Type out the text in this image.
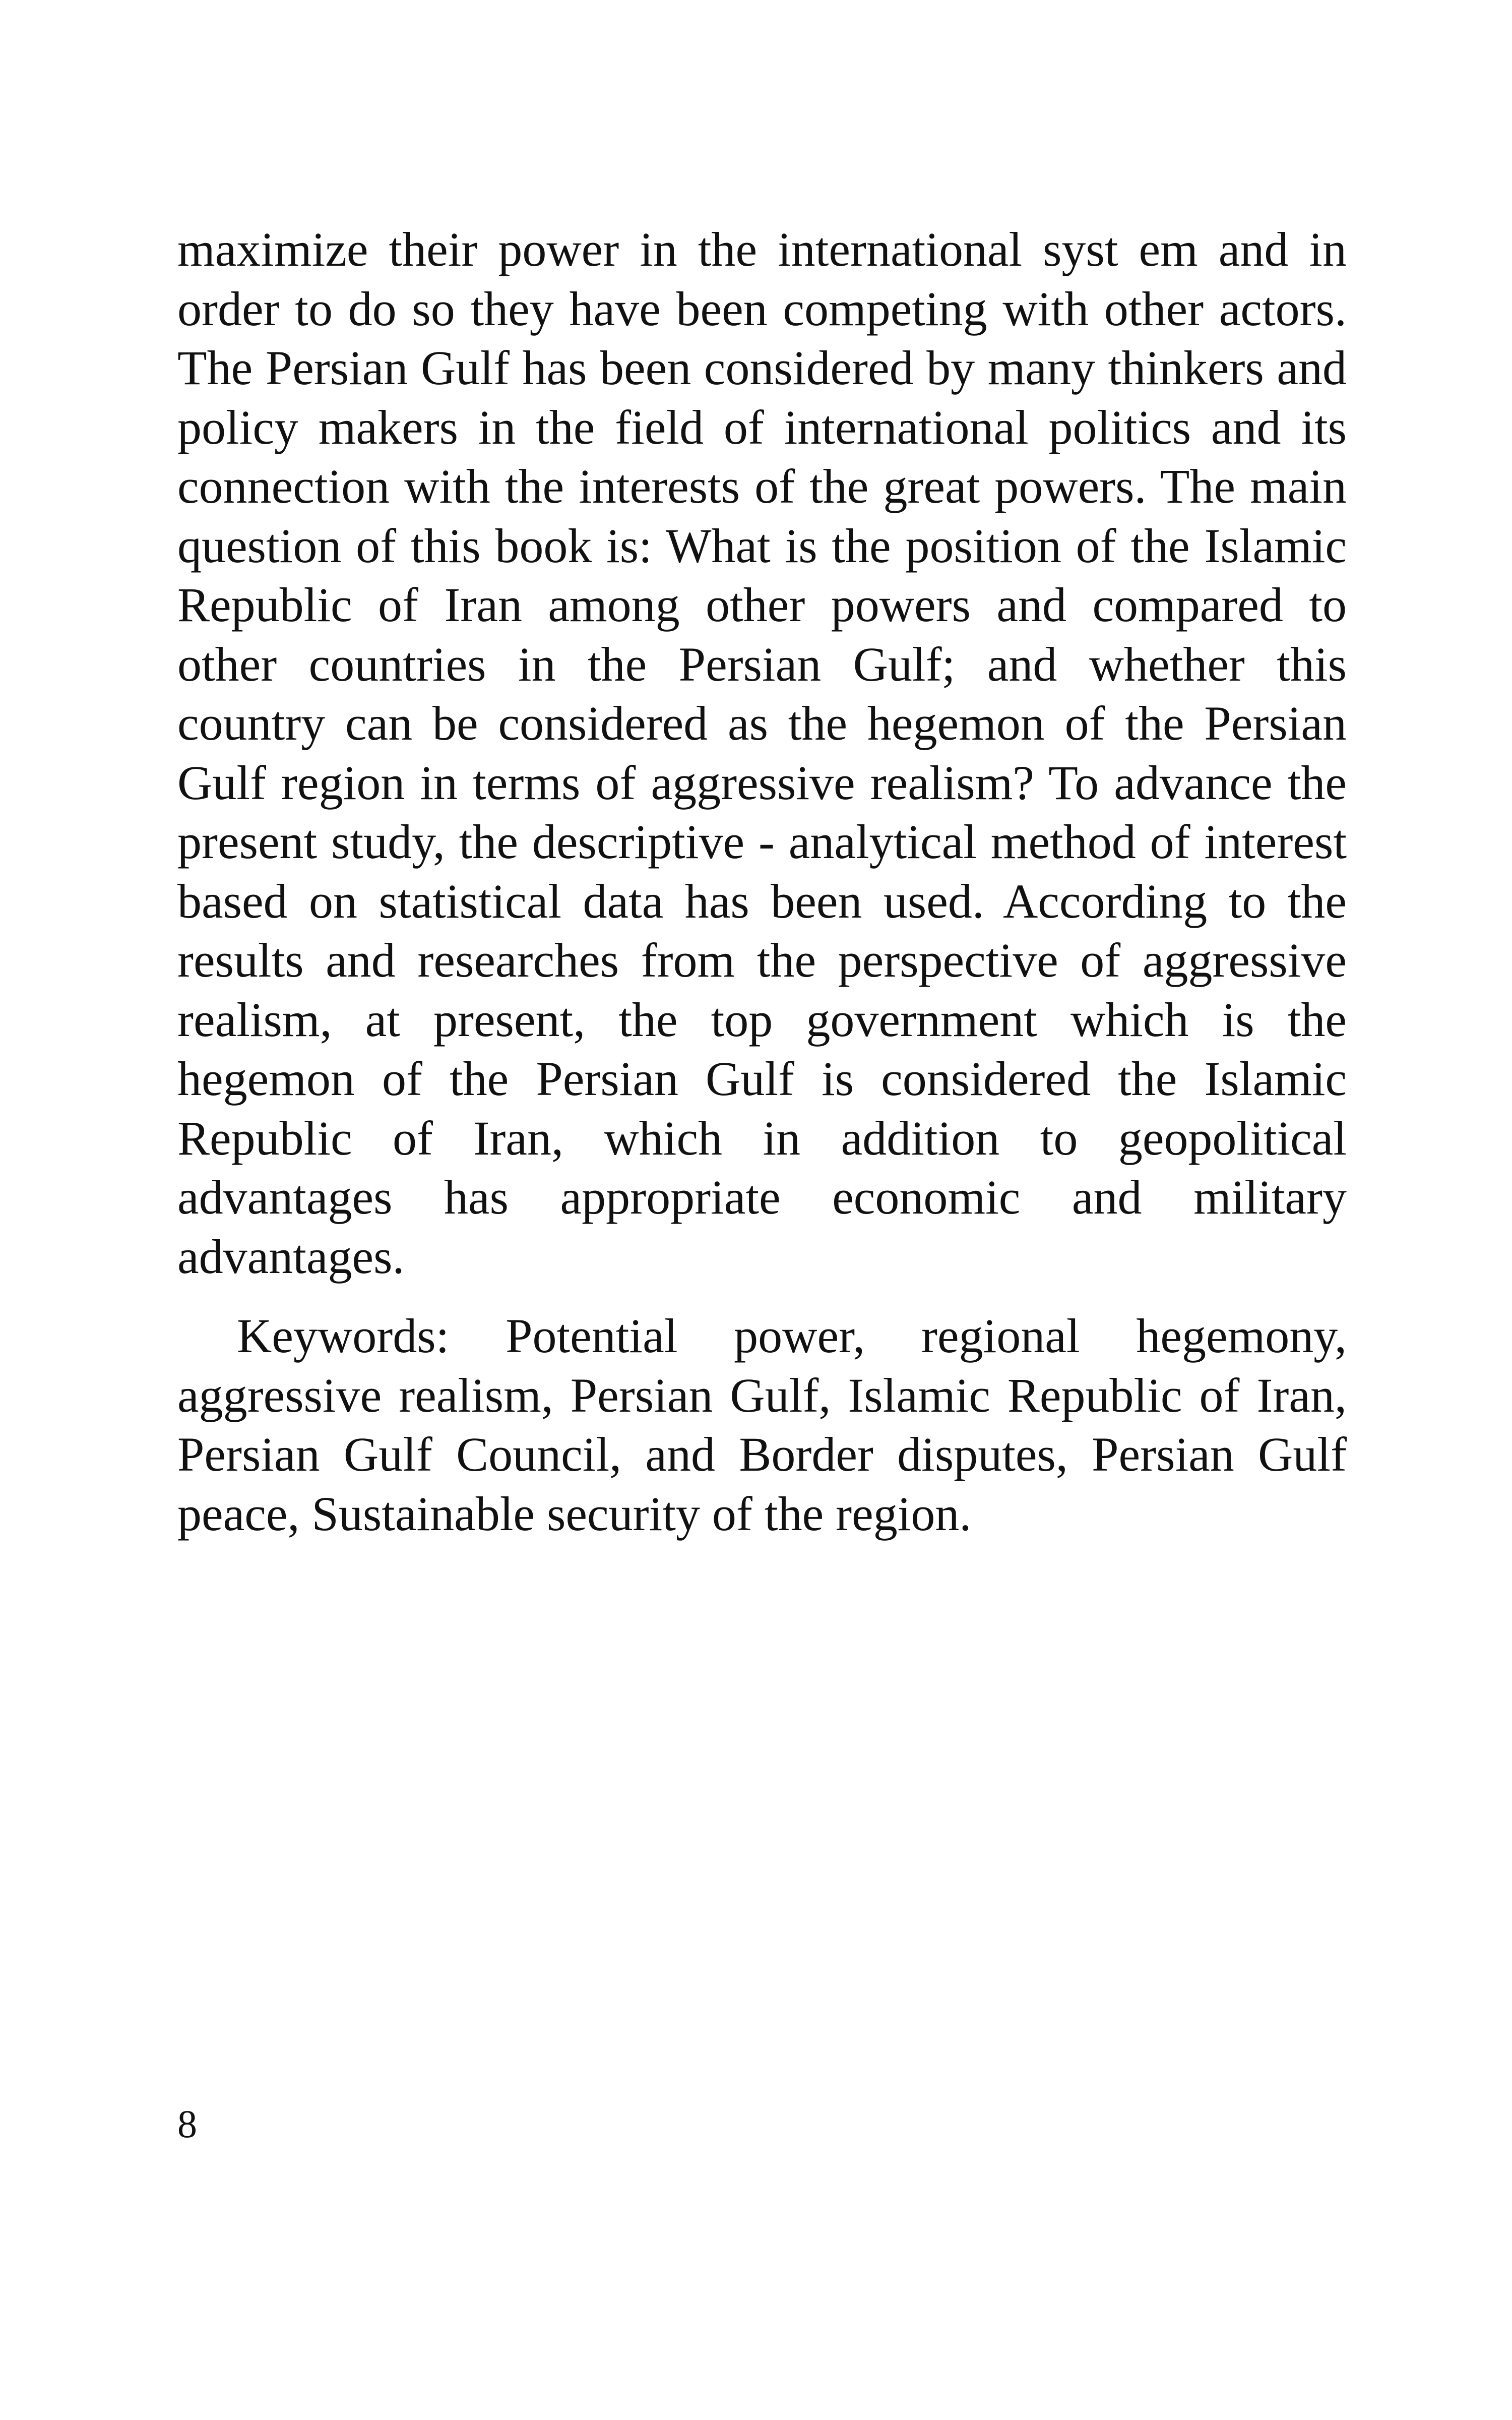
maximize their power in the international syst em and in order to do so they have been competing with other actors. The Persian Gulf has been considered by many thinkers and policy makers in the field of international politics and its connection with the interests of the great powers. The main question of this book is: What is the position of the Islamic Republic of Iran among other powers and compared to other countries in the Persian Gulf; and whether this country can be considered as the hegemon of the Persian Gulf region in terms of aggressive realism? To advance the present study, the descriptive - analytical method of interest based on statistical data has been used. According to the results and researches from the perspective of aggressive realism, at present, the top government which is the hegemon of the Persian Gulf is considered the Islamic Republic of Iran, which in addition to geopolitical advantages has appropriate economic and military advantages.

Keywords: Potential power, regional hegemony, aggressive realism, Persian Gulf, Islamic Republic of Iran, Persian Gulf Council, and Border disputes, Persian Gulf peace, Sustainable security of the region.

8
